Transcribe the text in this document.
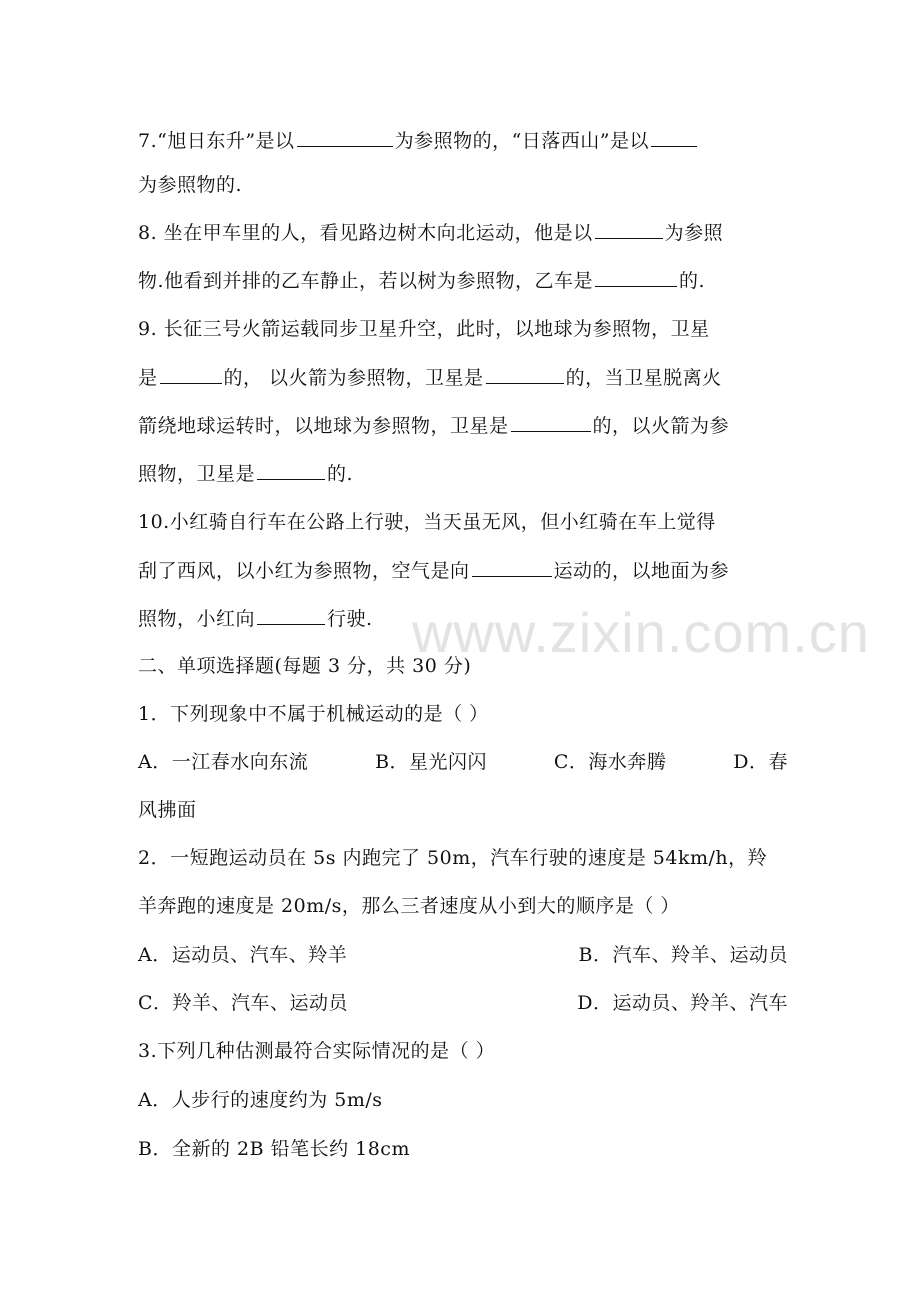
www.zixin.com.cn
7.“旭日东升”是以	为参照物的，“日落西山”是以
为参照物的.
8. 坐在甲车里的人，看见路边树木向北运动，他是以	为参照
物.他看到并排的乙车静止，若以树为参照物，乙车是	的.
9. 长征三号火箭运载同步卫星升空，此时，以地球为参照物，卫星
是	的， 以火箭为参照物，卫星是	的，当卫星脱离火
箭绕地球运转时，以地球为参照物，卫星是	的，以火箭为参
照物，卫星是	的.
10.小红骑自行车在公路上行驶，当天虽无风，但小红骑在车上觉得
刮了西风，以小红为参照物，空气是向	运动的，以地面为参
照物，小红向	行驶.
二、单项选择题(每题 3 分，共 30 分)
1．下列现象中不属于机械运动的是（ ）
A．一江春水向东流	B．星光闪闪	C．海水奔腾	D．春
风拂面
2．一短跑运动员在 5s 内跑完了 50m，汽车行驶的速度是 54km/h，羚
羊奔跑的速度是 20m/s，那么三者速度从小到大的顺序是（ ）
A．运动员、汽车、羚羊	B．汽车、羚羊、运动员
C．羚羊、汽车、运动员	D．运动员、羚羊、汽车
3.下列几种估测最符合实际情况的是（ ）
A．人步行的速度约为 5m/s
B．全新的 2B 铅笔长约 18cm
